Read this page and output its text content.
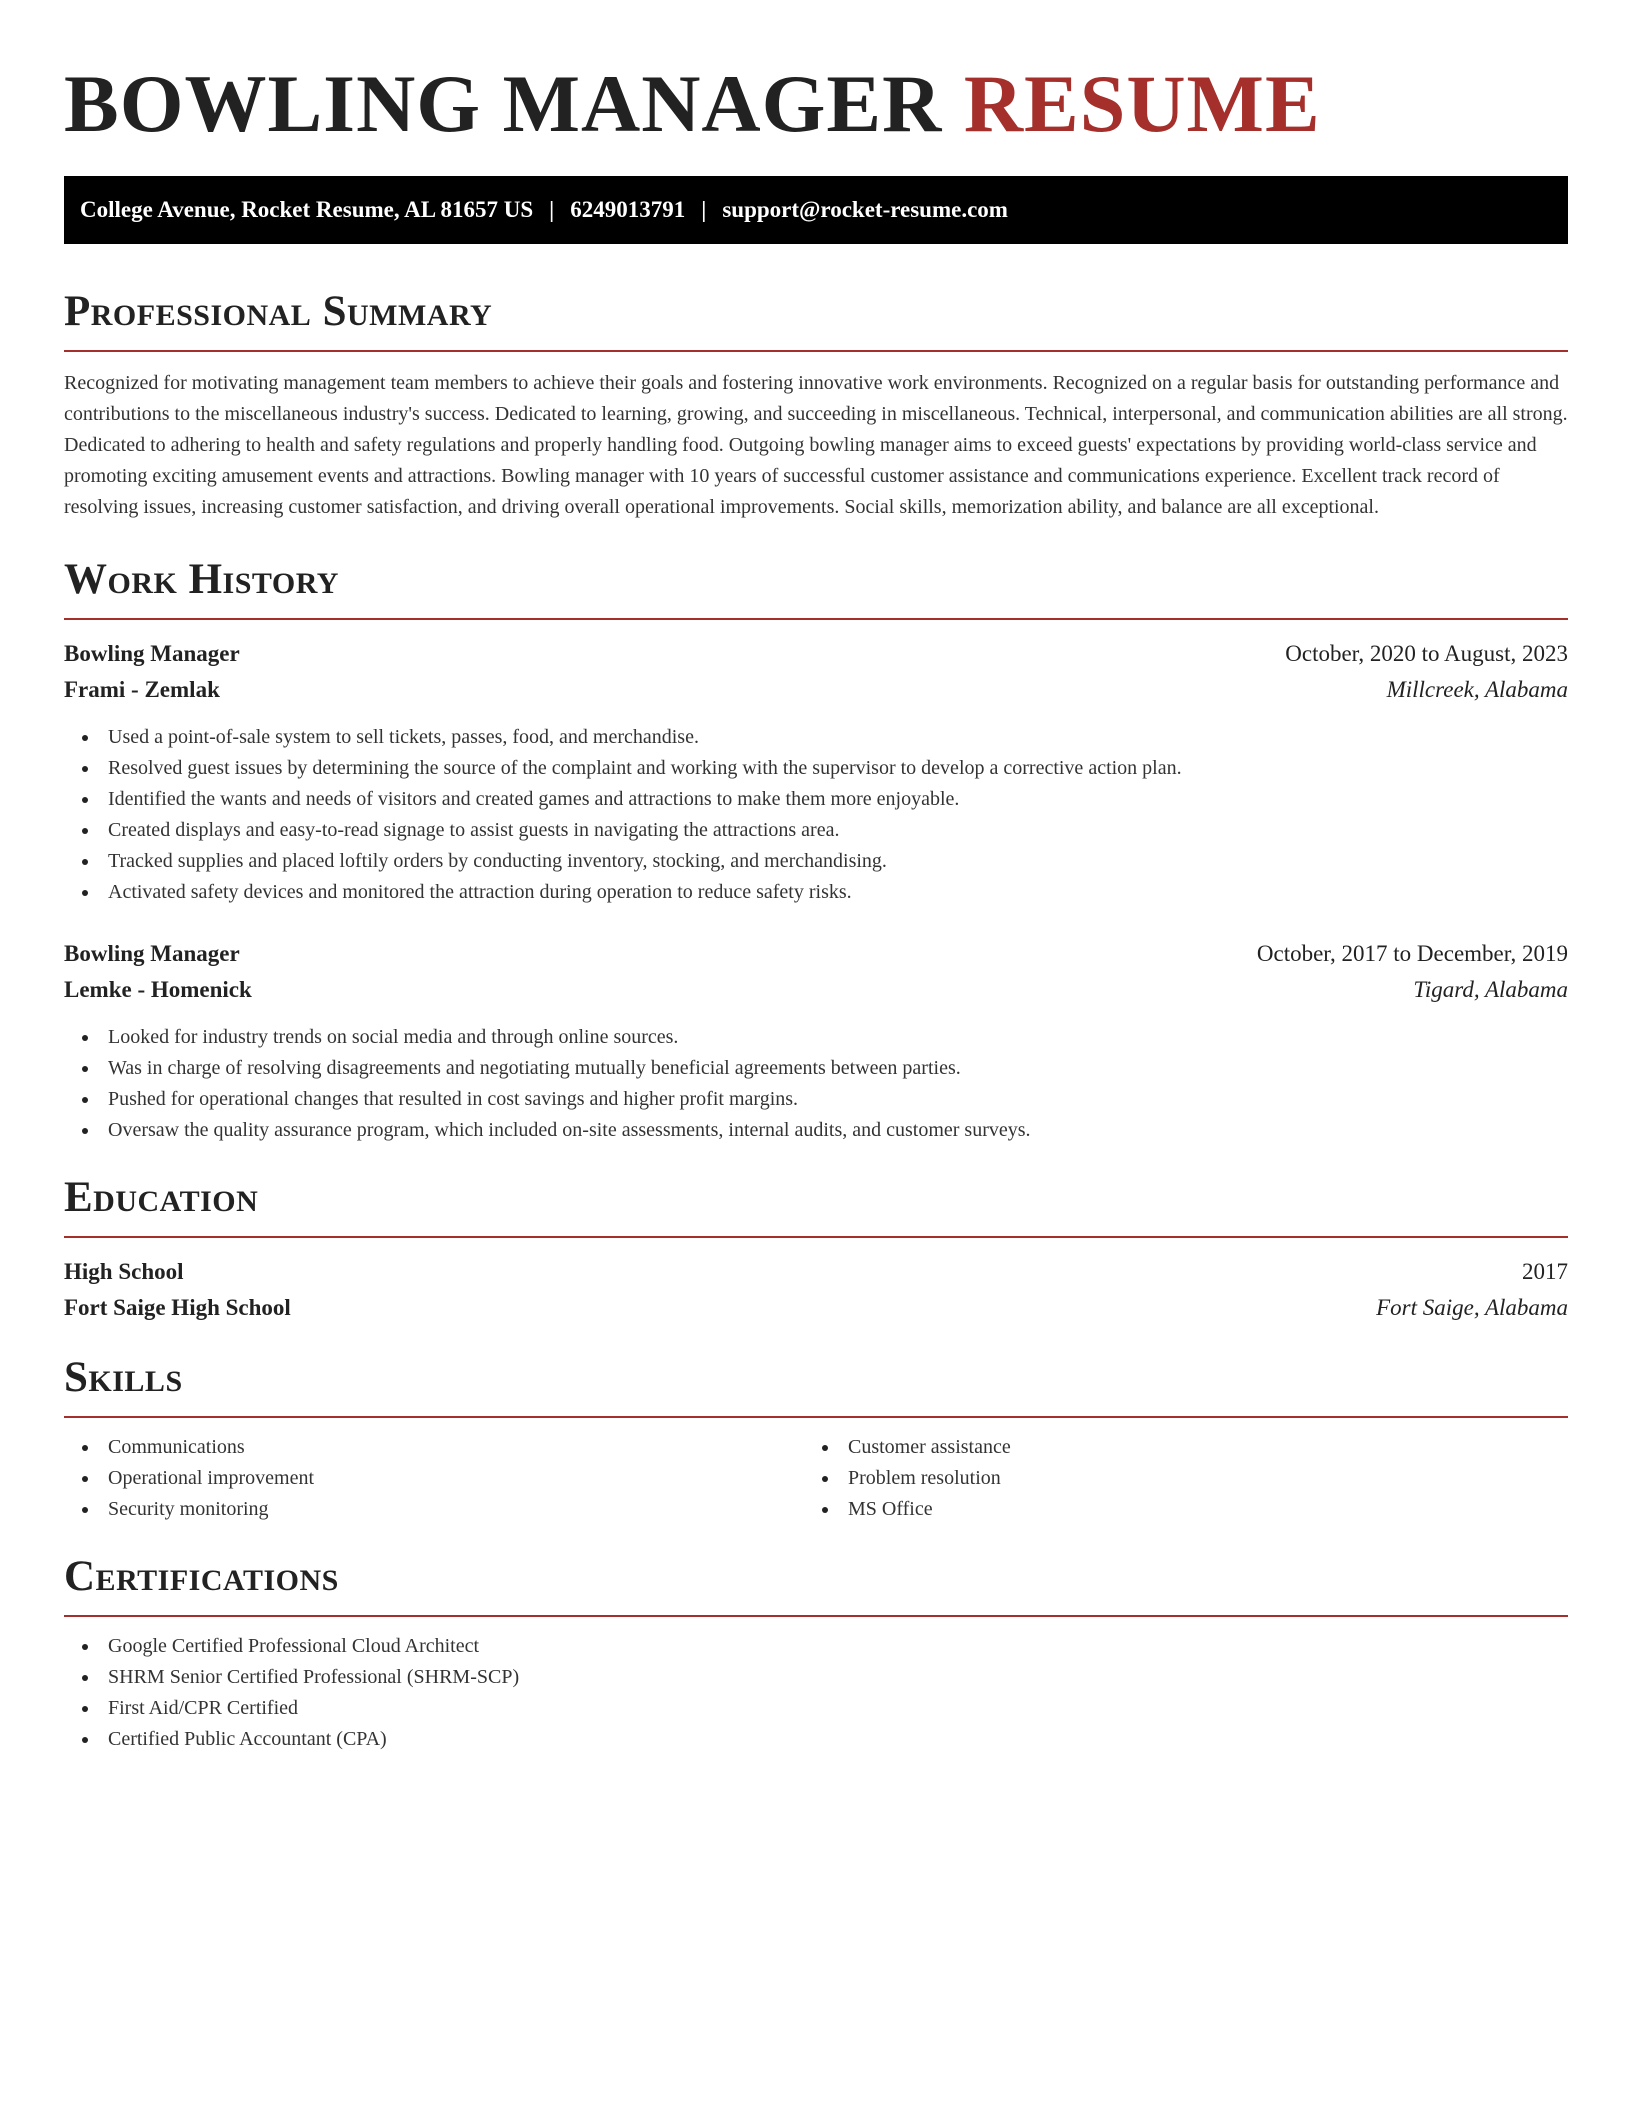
BOWLING MANAGER RESUME
College Avenue, Rocket Resume, AL 81657 US | 6249013791 | support@rocket-resume.com
Professional Summary

Recognized for motivating management team members to achieve their goals and fostering innovative work environments. Recognized on a regular basis for outstanding performance and contributions to the miscellaneous industry's success. Dedicated to learning, growing, and succeeding in miscellaneous. Technical, interpersonal, and communication abilities are all strong. Dedicated to adhering to health and safety regulations and properly handling food. Outgoing bowling manager aims to exceed guests' expectations by providing world-class service and promoting exciting amusement events and attractions. Bowling manager with 10 years of successful customer assistance and communications experience. Excellent track record of resolving issues, increasing customer satisfaction, and driving overall operational improvements. Social skills, memorization ability, and balance are all exceptional.

Work History
Bowling Manager	October, 2020 to August, 2023
Frami - Zemlak	Millcreek, Alabama
Used a point-of-sale system to sell tickets, passes, food, and merchandise.
Resolved guest issues by determining the source of the complaint and working with the supervisor to develop a corrective action plan.
Identified the wants and needs of visitors and created games and attractions to make them more enjoyable.
Created displays and easy-to-read signage to assist guests in navigating the attractions area.
Tracked supplies and placed loftily orders by conducting inventory, stocking, and merchandising.
Activated safety devices and monitored the attraction during operation to reduce safety risks.
Bowling Manager	October, 2017 to December, 2019
Lemke - Homenick	Tigard, Alabama
Looked for industry trends on social media and through online sources.
Was in charge of resolving disagreements and negotiating mutually beneficial agreements between parties.
Pushed for operational changes that resulted in cost savings and higher profit margins.
Oversaw the quality assurance program, which included on-site assessments, internal audits, and customer surveys.
Education
High School	2017
Fort Saige High School	Fort Saige, Alabama
Skills
Communications
Operational improvement
Security monitoring
Customer assistance
Problem resolution
MS Office
Certifications
Google Certified Professional Cloud Architect
SHRM Senior Certified Professional (SHRM-SCP)
First Aid/CPR Certified
Certified Public Accountant (CPA)
